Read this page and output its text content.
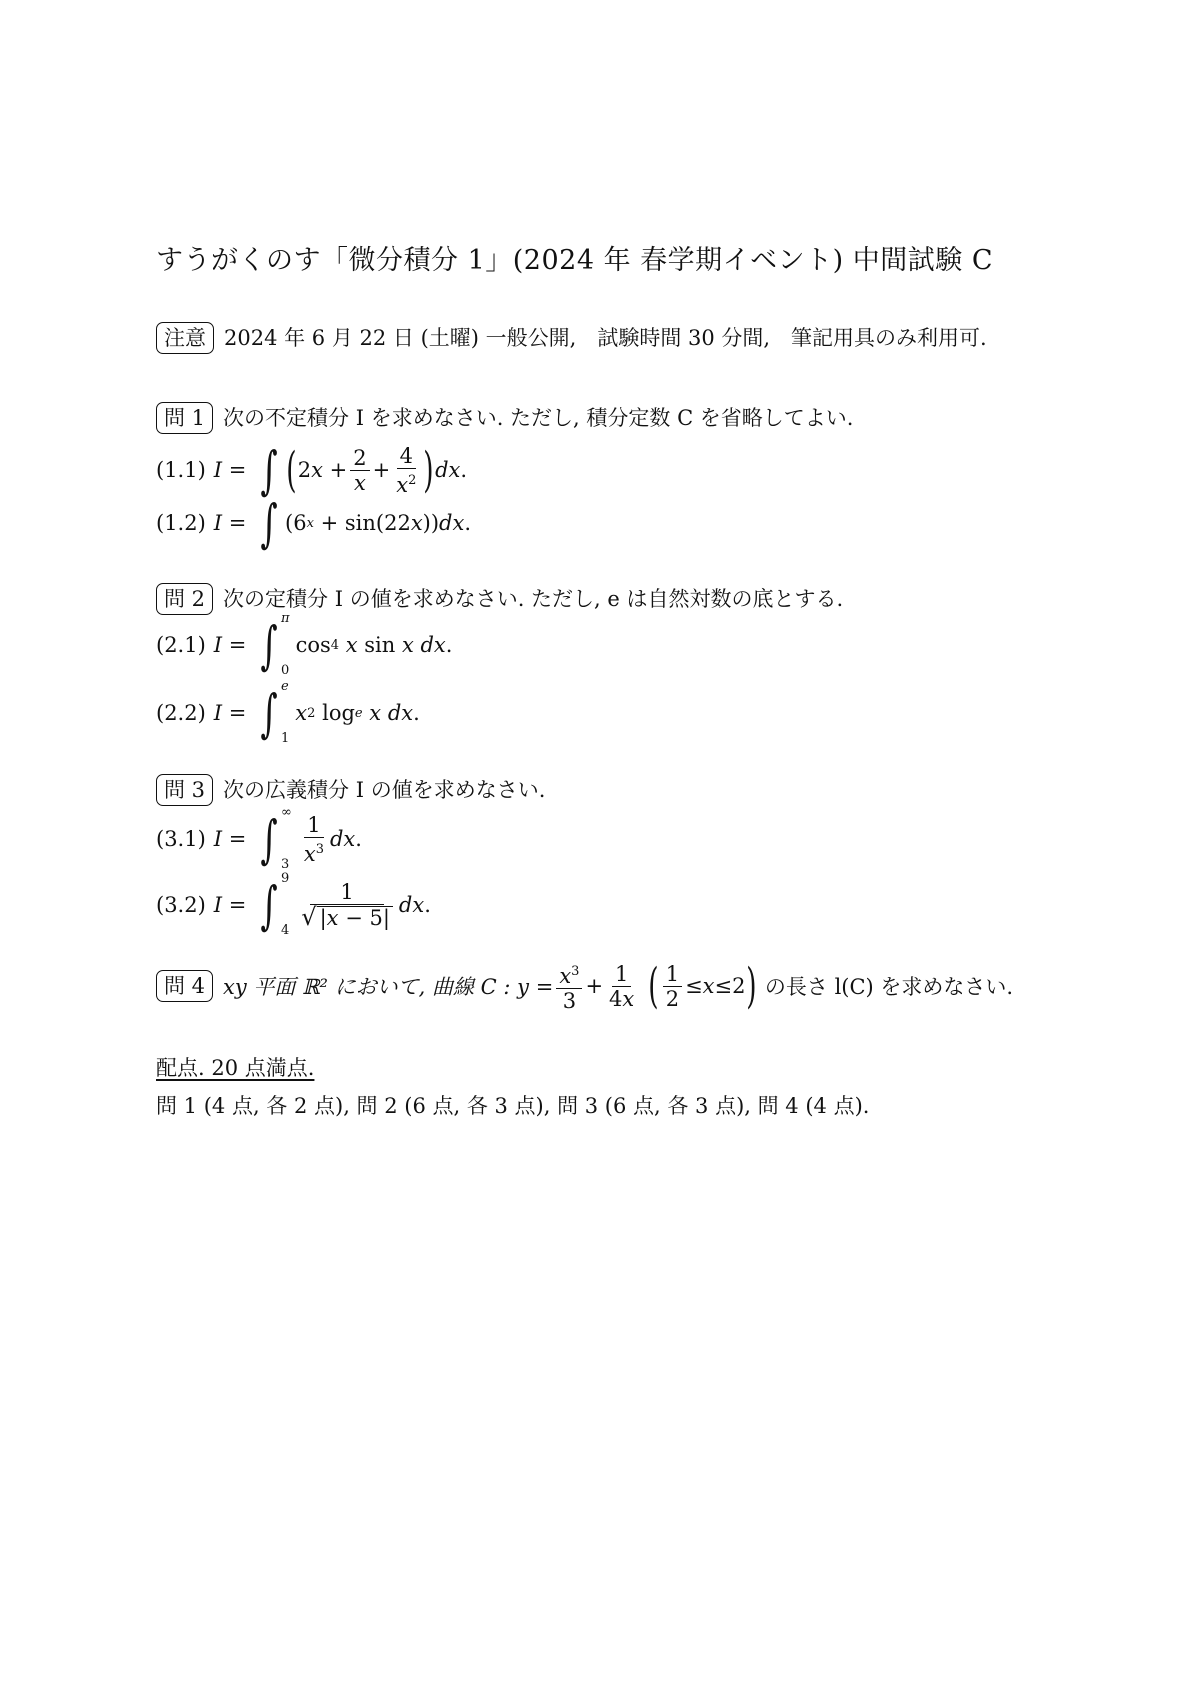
すうがくのす「微分積分 1」(2024 年 春学期イベント) 中間試験 C
注意 2024 年 6 月 22 日 (土曜) 一般公開,　試験時間 30 分間,　筆記用具のみ利用可.
問 1 次の不定積分 I を求めなさい. ただし, 積分定数 C を省略してよい.
(1.1) I = ∫ ( 2 $x + \frac{2}{x} + \frac{4}{x^2}$ ) dx .
(1.2) I = ∫ (6 x + sin(22 x )) dx .
問 2 次の定積分 I の値を求めなさい. ただし, e は自然対数の底とする.
(2.1) I = ∫ π
0
cos 4
x sin x dx .
(2.2) I = ∫ e
1
x 2 log e
x dx .
問 3 次の広義積分 I の値を求めなさい.
(3.1) I = ∫ ∞
$3 \frac{1}{x^3}$ dx .
(3.2) I = ∫ 9
4
$\frac{1}{√ |x - 5|}$ dx .
問 4 xy 平面 ℝ² において, 曲線 C : $y = \frac{x^3}{3} + \frac{1}{4x}$
( $\frac{1}{2} \le x \le 2$ )
の長さ l(C) を求めなさい.
配点. 20 点満点.
問 1 (4 点, 各 2 点), 問 2 (6 点, 各 3 点), 問 3 (6 点, 各 3 点), 問 4 (4 点).
